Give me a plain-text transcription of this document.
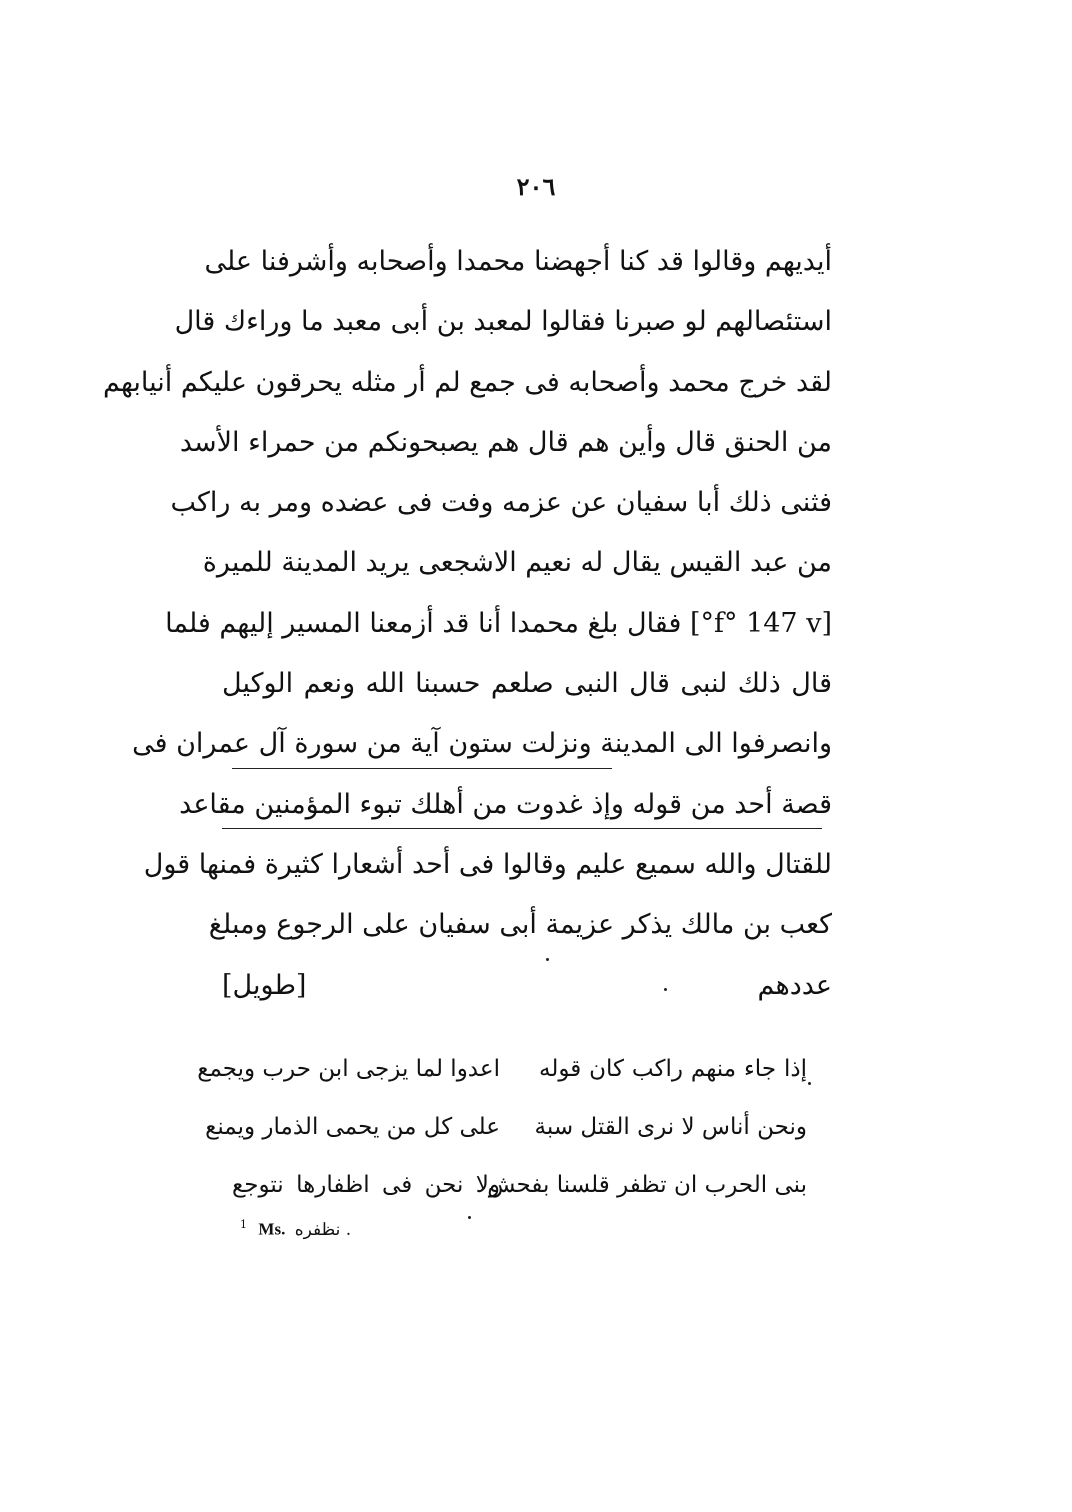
٢٠٦
أيديهم وقالوا قد كنا أجهضنا محمدا وأصحابه وأشرفنا على
استئصالهم لو صبرنا فقالوا لمعبد بن أبى معبد ما وراءك قال
لقد خرج محمد وأصحابه فى جمع لم أر مثله يحرقون عليكم أنيابهم
من الحنق قال وأين هم قال هم يصبحونكم من حمراء الأسد
فثنى ذلك أبا سفيان عن عزمه وفت فى عضده ومر به راكب
من عبد القيس يقال له نعيم الاشجعى يريد المدينة للميرة
[f° 147 v°] فقال بلغ محمدا أنا قد أزمعنا المسير إليهم فلما
قال ذلك لنبى قال النبى صلعم حسبنا الله ونعم الوكيل
وانصرفوا الى المدينة ونزلت ستون آية من سورة آل عمران فى
قصة أحد من قوله وإذ غدوت من أهلك تبوء المؤمنين مقاعد
للقتال والله سميع عليم وقالوا فى أحد أشعارا كثيرة فمنها قول
كعب بن مالك يذكر عزيمة أبى سفيان على الرجوع ومبلغ
عددهم
[طويل]
إذا جاء منهم راكب كان قوله
اعدوا لما يزجى ابن حرب ويجمع
ونحن أناس لا نرى القتل سبة
على كل من يحمى الذمار ويمنع
بنى الحرب ان تظفر قلسنا بفحش
ولا نحن فى اظفارها نتوجع
$^1$ Ms. نظفره .
